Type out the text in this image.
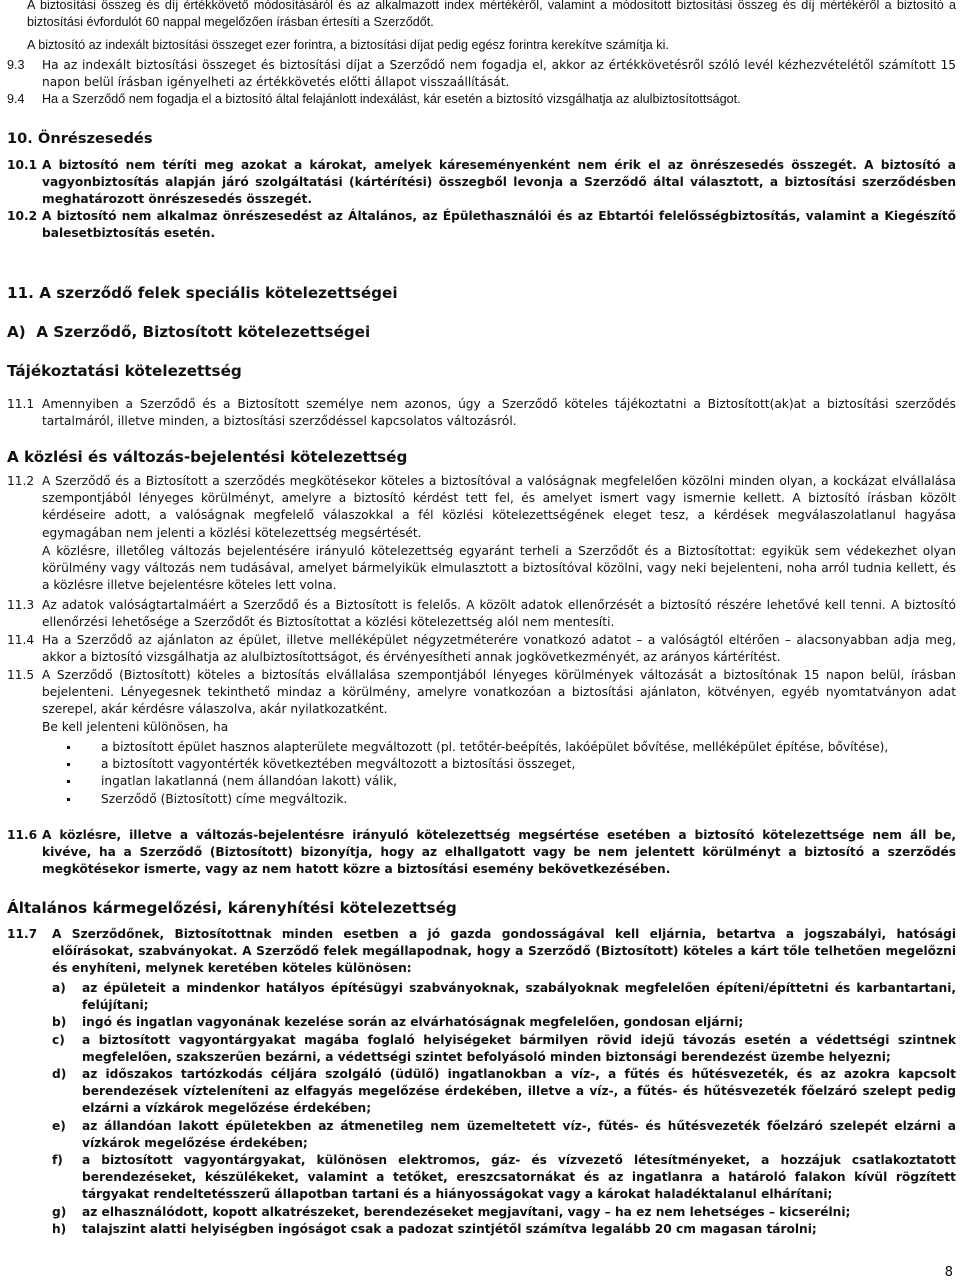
A biztosítási összeg és díj értékkövető módosításáról és az alkalmazott index mértékéről, valamint a módosított biztosítási összeg és díj mértékéről a biztosító a biztosítási évfordulót 60 nappal megelőzően írásban értesíti a Szerződőt.

A biztosító az indexált biztosítási összeget ezer forintra, a biztosítási díjat pedig egész forintra kerekítve számítja ki.

9.3 Ha az indexált biztosítási összeget és biztosítási díjat a Szerződő nem fogadja el, akkor az értékkövetésről szóló levél kézhezvételétől számított 15 napon belül írásban igényelheti az értékkövetés előtti állapot visszaállítását.

9.4 Ha a Szerződő nem fogadja el a biztosító által felajánlott indexálást, kár esetén a biztosító vizsgálhatja az alulbiztosítottságot.

10. Önrészesedés
10.1 A biztosító nem téríti meg azokat a károkat, amelyek káreseményenként nem érik el az önrészesedés összegét. A biztosító a vagyonbiztosítás alapján járó szolgáltatási (kártérítési) összegből levonja a Szerződő által választott, a biztosítási szerződésben meghatározott önrészesedés összegét.

10.2 A biztosító nem alkalmaz önrészesedést az Általános, az Épülethasználói és az Ebtartói felelősségbiztosítás, valamint a Kiegészítő balesetbiztosítás esetén.

11. A szerződő felek speciális kötelezettségei
A)  A Szerződő, Biztosított kötelezettségei
Tájékoztatási kötelezettség
11.1 Amennyiben a Szerződő és a Biztosított személye nem azonos, úgy a Szerződő köteles tájékoztatni a Biztosított(ak)at a biztosítási szerződés tartalmáról, illetve minden, a biztosítási szerződéssel kapcsolatos változásról.

A közlési és változás-bejelentési kötelezettség
11.2 A Szerződő és a Biztosított a szerződés megkötésekor köteles a biztosítóval a valóságnak megfelelően közölni minden olyan, a kockázat elvállalása szempontjából lényeges körülményt, amelyre a biztosító kérdést tett fel, és amelyet ismert vagy ismernie kellett. A biztosító írásban közölt kérdéseire adott, a valóságnak megfelelő válaszokkal a fél közlési kötelezettségének eleget tesz, a kérdések megválaszolatlanul hagyása egymagában nem jelenti a közlési kötelezettség megsértését.

A közlésre, illetőleg változás bejelentésére irányuló kötelezettség egyaránt terheli a Szerződőt és a Biztosítottat: egyikük sem védekezhet olyan körülmény vagy változás nem tudásával, amelyet bármelyikük elmulasztott a biztosítóval közölni, vagy neki bejelenteni, noha arról tudnia kellett, és a közlésre illetve bejelentésre köteles lett volna.

11.3 Az adatok valóságtartalmáért a Szerződő és a Biztosított is felelős. A közölt adatok ellenőrzését a biztosító részére lehetővé kell tenni. A biztosító ellenőrzési lehetősége a Szerződőt és Biztosítottat a közlési kötelezettség alól nem mentesíti.

11.4 Ha a Szerződő az ajánlaton az épület, illetve melléképület négyzetméterére vonatkozó adatot – a valóságtól eltérően – alacsonyabban adja meg, akkor a biztosító vizsgálhatja az alulbiztosítottságot, és érvényesítheti annak jogkövetkezményét, az arányos kártérítést.

11.5 A Szerződő (Biztosított) köteles a biztosítás elvállalása szempontjából lényeges körülmények változását a biztosítónak 15 napon belül, írásban bejelenteni. Lényegesnek tekinthető mindaz a körülmény, amelyre vonatkozóan a biztosítási ajánlaton, kötvényen, egyéb nyomtatványon adat szerepel, akár kérdésre válaszolva, akár nyilatkozatként.

Be kell jelenteni különösen, ha

a biztosított épület hasznos alapterülete megváltozott (pl. tetőtér-beépítés, lakóépület bővítése, melléképület építése, bővítése),
a biztosított vagyontérték következtében megváltozott a biztosítási összeget,
ingatlan lakatlanná (nem állandóan lakott) válik,
Szerződő (Biztosított) címe megváltozik.
11.6 A közlésre, illetve a változás-bejelentésre irányuló kötelezettség megsértése esetében a biztosító kötelezettsége nem áll be, kivéve, ha a Szerződő (Biztosított) bizonyítja, hogy az elhallgatott vagy be nem jelentett körülményt a biztosító a szerződés megkötésekor ismerte, vagy az nem hatott közre a biztosítási esemény bekövetkezésében.

Általános kármegelőzési, kárenyhítési kötelezettség
11.7 A Szerződőnek, Biztosítottnak minden esetben a jó gazda gondosságával kell eljárnia, betartva a jogszabályi, hatósági előírásokat, szabványokat. A Szerződő felek megállapodnak, hogy a Szerződő (Biztosított) köteles a kárt tőle telhetően megelőzni és enyhíteni, melynek keretében köteles különösen:

a) az épületeit a mindenkor hatályos építésügyi szabványoknak, szabályoknak megfelelően építeni/építtetni és karbantartani, felújítani;
b) ingó és ingatlan vagyonának kezelése során az elvárhatóságnak megfelelően, gondosan eljárni;
c) a biztosított vagyontárgyakat magába foglaló helyiségeket bármilyen rövid idejű távozás esetén a védettségi szintnek megfelelően, szakszerűen bezárni, a védettségi szintet befolyásoló minden biztonsági berendezést üzembe helyezni;
d) az időszakos tartózkodás céljára szolgáló (üdülő) ingatlanokban a víz-, a fűtés és hűtésvezeték, és az azokra kapcsolt berendezések vízteleníteni az elfagyás megelőzése érdekében, illetve a víz-, a fűtés- és hűtésvezeték főelzáró szelept pedig elzárni a vízkárok megelőzése érdekében;
e) az állandóan lakott épületekben az átmenetileg nem üzemeltetett víz-, fűtés- és hűtésvezeték főelzáró szelepét elzárni a vízkárok megelőzése érdekében;
f) a biztosított vagyontárgyakat, különösen elektromos, gáz- és vízvezető létesítményeket, a hozzájuk csatlakoztatott berendezéseket, készülékeket, valamint a tetőket, ereszcsatornákat és az ingatlanra a határoló falakon kívül rögzített tárgyakat rendeltetésszerű állapotban tartani és a hiányosságokat vagy a károkat haladéktalanul elhárítani;
g) az elhasználódott, kopott alkatrészeket, berendezéseket megjavítani, vagy – ha ez nem lehetséges – kicserélni;
h) talajszint alatti helyiségben ingóságot csak a padozat szintjétől számítva legalább 20 cm magasan tárolni;
8
